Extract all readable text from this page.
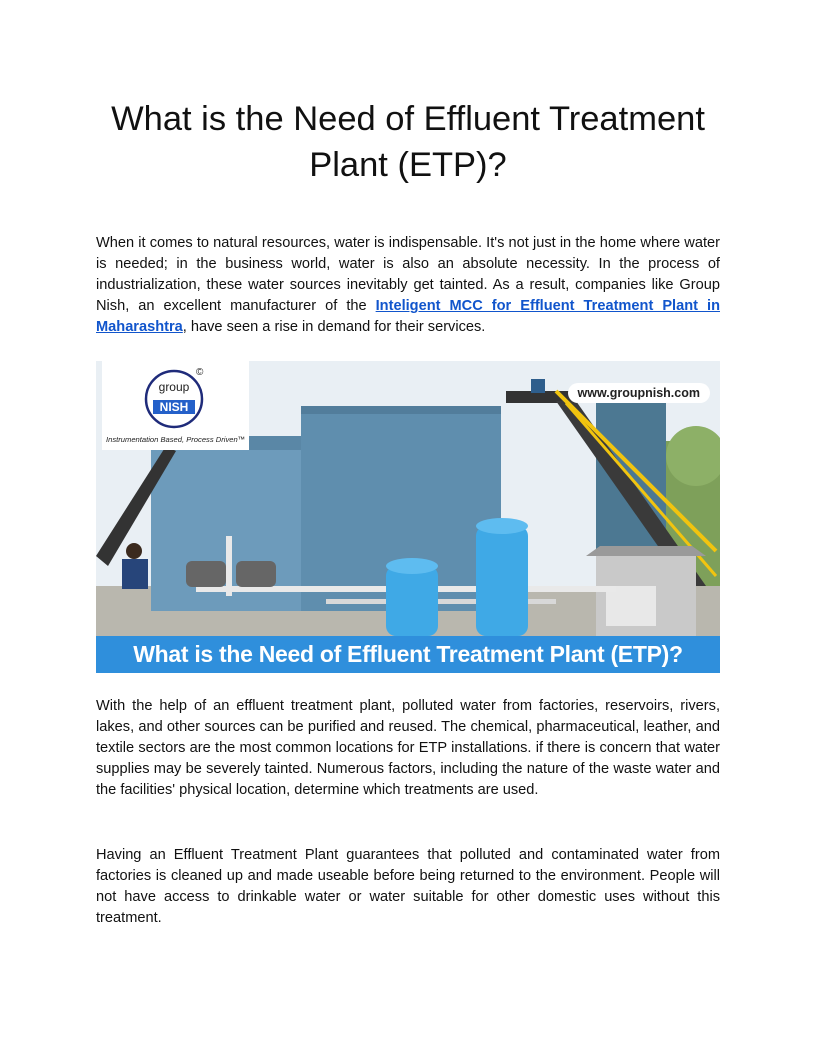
What is the Need of Effluent Treatment Plant (ETP)?

When it comes to natural resources, water is indispensable. It's not just in the home where water is needed; in the business world, water is also an absolute necessity. In the process of industrialization, these water sources inevitably get tainted. As a result, companies like Group Nish, an excellent manufacturer of the Inteligent MCC for Effluent Treatment Plant in Maharashtra, have seen a rise in demand for their services.

©
group
NISH
Instrumentation Based, Process Driven™
www.groupnish.com
What is the Need of Effluent Treatment Plant (ETP)?

With the help of an effluent treatment plant, polluted water from factories, reservoirs, rivers, lakes, and other sources can be purified and reused. The chemical, pharmaceutical, leather, and textile sectors are the most common locations for ETP installations. if there is concern that water supplies may be severely tainted. Numerous factors, including the nature of the waste water and the facilities' physical location, determine which treatments are used.

Having an Effluent Treatment Plant guarantees that polluted and contaminated water from factories is cleaned up and made useable before being returned to the environment. People will not have access to drinkable water or water suitable for other domestic uses without this treatment.
